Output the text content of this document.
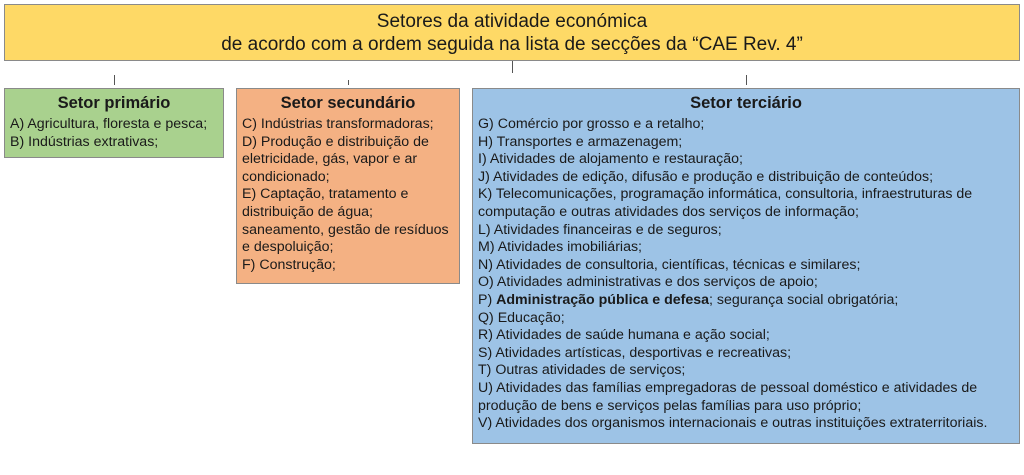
Setores da atividade económica
de acordo com a ordem seguida na lista de secções da “CAE Rev. 4”
Setor primário
A) Agricultura, floresta e pesca;
B) Indústrias extrativas;
Setor secundário
C) Indústrias transformadoras;
D) Produção e distribuição de eletricidade, gás, vapor e ar condicionado;
E) Captação, tratamento e distribuição de água; saneamento, gestão de resíduos e despoluição;
F) Construção;
Setor terciário
G) Comércio por grosso e a retalho;
H) Transportes e armazenagem;
I) Atividades de alojamento e restauração;
J) Atividades de edição, difusão e produção e distribuição de conteúdos;
K) Telecomunicações, programação informática, consultoria, infraestruturas de computação e outras atividades dos serviços de informação;
L) Atividades financeiras e de seguros;
M) Atividades imobiliárias;
N) Atividades de consultoria, científicas, técnicas e similares;
O) Atividades administrativas e dos serviços de apoio;
P) Administração pública e defesa; segurança social obrigatória;
Q) Educação;
R) Atividades de saúde humana e ação social;
S) Atividades artísticas, desportivas e recreativas;
T) Outras atividades de serviços;
U) Atividades das famílias empregadoras de pessoal doméstico e atividades de produção de bens e serviços pelas famílias para uso próprio;
V) Atividades dos organismos internacionais e outras instituições extraterritoriais.
